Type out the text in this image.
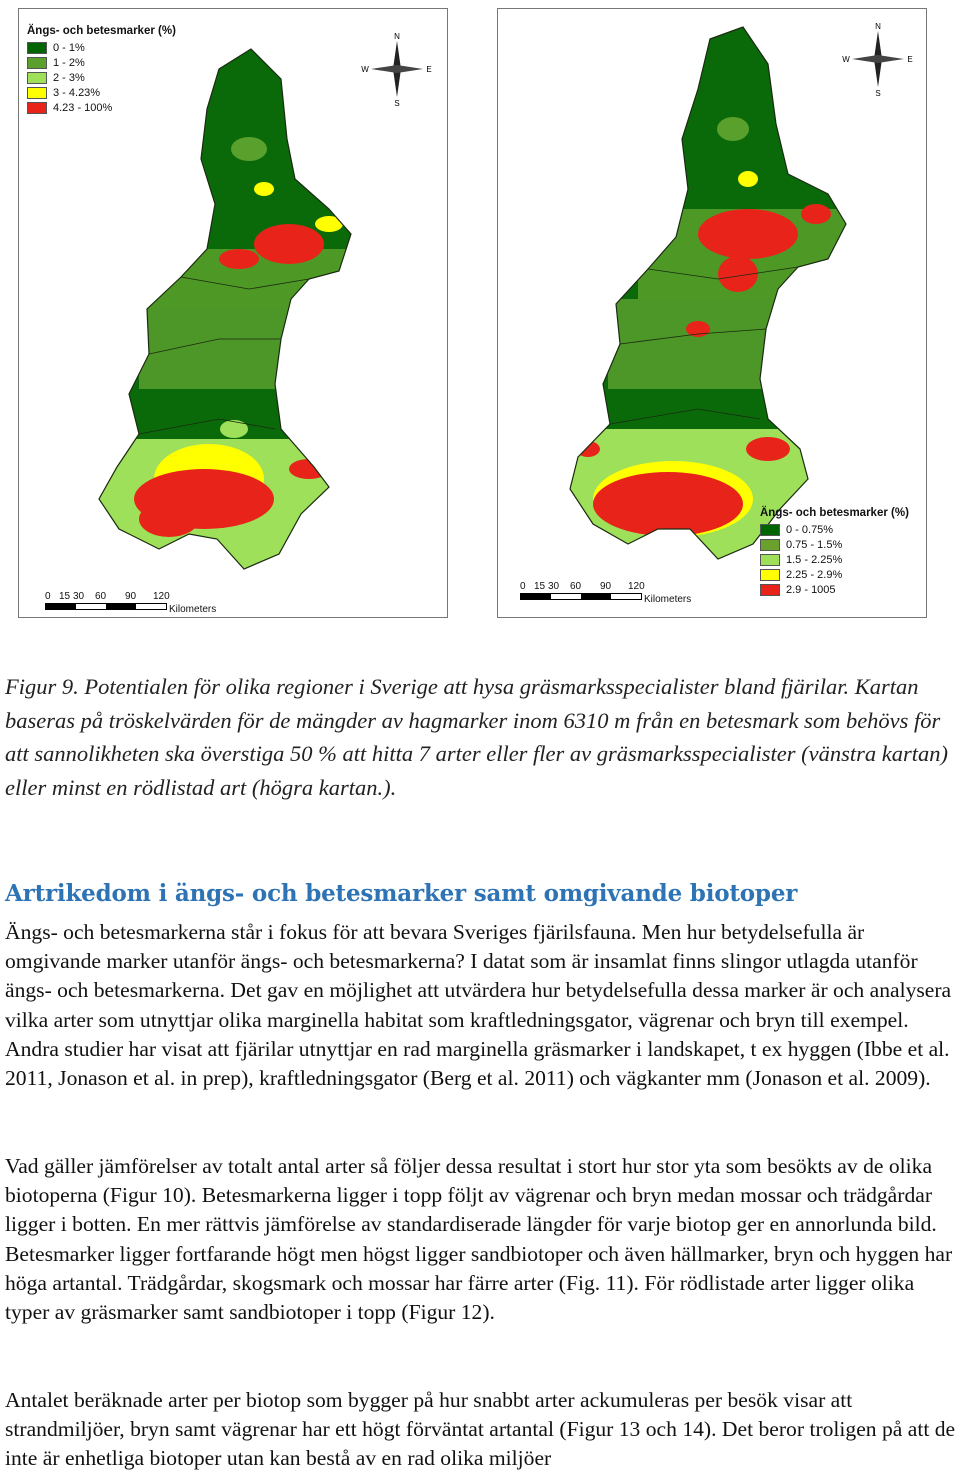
Ängs- och betesmarker (%)
0 - 1%
1 - 2%
2 - 3%
3 - 4.23%
4.23 - 100%
N
S
E
W
0 15 30	60	90	120
Kilometers
Ängs- och betesmarker (%)
0 - 0.75%
0.75 - 1.5%
1.5 - 2.25%
2.25 - 2.9%
2.9 - 1005
N
S
E
W
0 15 30	60	90	120
Kilometers
Figur 9. Potentialen för olika regioner i Sverige att hysa gräsmarksspecialister bland fjärilar. Kartan baseras på tröskelvärden för de mängder av hagmarker inom 6310 m från en betesmark som behövs för att sannolikheten ska överstiga 50 % att hitta 7 arter eller fler av gräsmarksspecialister (vänstra kartan) eller minst en rödlistad art (högra kartan.).
Artrikedom i ängs- och betesmarker samt omgivande biotoper

Ängs- och betesmarkerna står i fokus för att bevara Sveriges fjärilsfauna. Men hur betydelsefulla är omgivande marker utanför ängs- och betesmarkerna? I datat som är insamlat finns slingor utlagda utanför ängs- och betesmarkerna. Det gav en möjlighet att utvärdera hur betydelsefulla dessa marker är och analysera vilka arter som utnyttjar olika marginella habitat som kraftledningsgator, vägrenar och bryn till exempel. Andra studier har visat att fjärilar utnyttjar en rad marginella gräsmarker i landskapet, t ex hyggen (Ibbe et al. 2011, Jonason et al. in prep), kraftledningsgator (Berg et al. 2011) och vägkanter mm (Jonason et al. 2009).

Vad gäller jämförelser av totalt antal arter så följer dessa resultat i stort hur stor yta som besökts av de olika biotoperna (Figur 10). Betesmarkerna ligger i topp följt av vägrenar och bryn medan mossar och trädgårdar ligger i botten. En mer rättvis jämförelse av standardiserade längder för varje biotop ger en annorlunda bild. Betesmarker ligger fortfarande högt men högst ligger sandbiotoper och även hällmarker, bryn och hyggen har höga artantal. Trädgårdar, skogsmark och mossar har färre arter (Fig. 11). För rödlistade arter ligger olika typer av gräsmarker samt sandbiotoper i topp (Figur 12).

Antalet beräknade arter per biotop som bygger på hur snabbt arter ackumuleras per besök visar att strandmiljöer, bryn samt vägrenar har ett högt förväntat artantal (Figur 13 och 14). Det beror troligen på att de inte är enhetliga biotoper utan kan bestå av en rad olika miljöer
